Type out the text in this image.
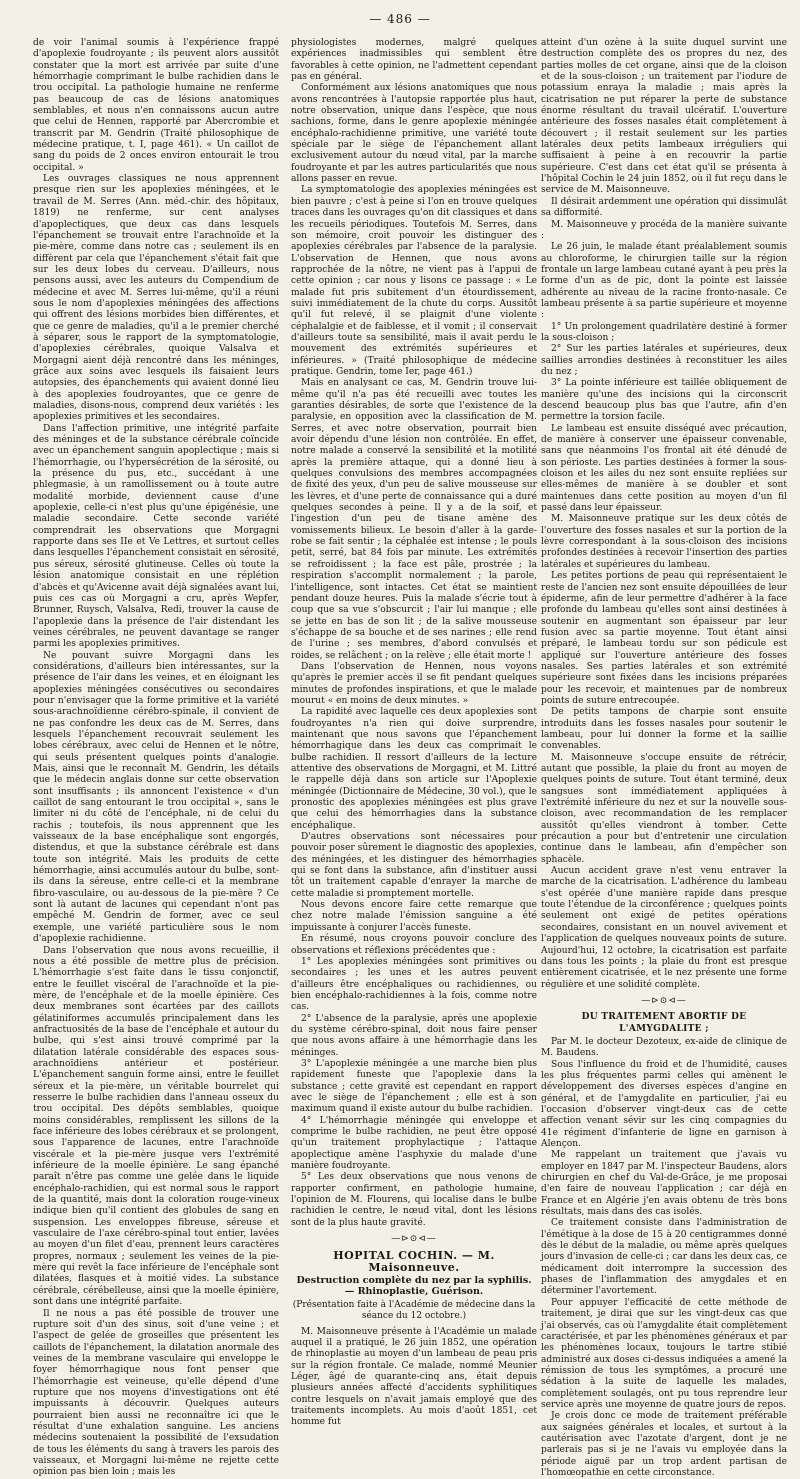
— 486 —

de voir l'animal soumis à l'expérience frappé d'apoplexie foudroyante ; ils peuvent alors aussitôt constater que la mort est arrivée par suite d'une hémorrhagie comprimant le bulbe rachidien dans le trou occipital. La pathologie humaine ne renferme pas beaucoup de cas de lésions anatomiques semblables, et nous n'en connaissons aucun autre que celui de Hennen, rapporté par Abercrombie et transcrit par M. Gendrin (Traité philosophique de médecine pratique, t. I, page 461). « Un caillot de sang du poids de 2 onces environ entourait le trou occipital. »

Les ouvrages classiques ne nous apprennent presque rien sur les apoplexies méningées, et le travail de M. Serres (Ann. méd.-chir. des hôpitaux, 1819) ne renferme, sur cent analyses d'apoplectiques, que deux cas dans lesquels l'épanchement se trouvait entre l'arachnoïde et la pie-mère, comme dans notre cas ; seulement ils en diffèrent par cela que l'épanchement s'était fait que sur les deux lobes du cerveau. D'ailleurs, nous pensons aussi, avec les auteurs du Compendium de médecine et avec M. Serres lui-même, qu'il a réuni sous le nom d'apoplexies méningées des affections qui offrent des lésions morbides bien différentes, et que ce genre de maladies, qu'il a le premier cherché à séparer, sous le rapport de la symptomatologie, d'apoplexies cérébrales, quoique Valsalva et Morgagni aient déjà rencontré dans les méninges, grâce aux soins avec lesquels ils faisaient leurs autopsies, des épanchements qui avaient donné lieu à des apoplexies foudroyantes, que ce genre de maladies, disons-nous, comprend deux variétés : les apoplexies primitives et les secondaires.

Dans l'affection primitive, une intégrité parfaite des méninges et de la substance cérébrale coïncide avec un épanchement sanguin apoplectique ; mais si l'hémorrhagie, ou l'hypersécrétion de la sérosité, ou la présence du pus, etc., succédant à une phlegmasie, à un ramollissement ou à toute autre modalité morbide, deviennent cause d'une apoplexie, celle-ci n'est plus qu'une épigénésie, une maladie secondaire. Cette seconde variété comprendrait les observations que Morgagni rapporte dans ses IIe et Ve Lettres, et surtout celles dans lesquelles l'épanchement consistait en sérosité, pus séreux, sérosité glutineuse. Celles où toute la lésion anatomique consistait en une réplétion d'abcès et qu'Avicenne avait déjà signalées avant lui, puis ces cas où Morgagni a cru, après Wepfer, Brunner, Ruysch, Valsalva, Redi, trouver la cause de l'apoplexie dans la présence de l'air distendant les veines cérébrales, ne peuvent davantage se ranger parmi les apoplexies primitives.

Ne pouvant suivre Morgagni dans les considérations, d'ailleurs bien intéressantes, sur la présence de l'air dans les veines, et en éloignant les apoplexies méningées consécutives ou secondaires pour n'envisager que la forme primitive et la variété sous-arachnoïdienne cérébro-spinale, il convient de ne pas confondre les deux cas de M. Serres, dans lesquels l'épanchement recouvrait seulement les lobes cérébraux, avec celui de Hennen et le nôtre, qui seuls présentent quelques points d'analogie. Mais, ainsi que le reconnaît M. Gendrin, les détails que le médecin anglais donne sur cette observation sont insuffisants ; ils annoncent l'existence « d'un caillot de sang entourant le trou occipital », sans le limiter ni du côté de l'encéphale, ni de celui du rachis ; toutefois, ils nous apprennent que les vaisseaux de la base encéphalique sont engorgés, distendus, et que la substance cérébrale est dans toute son intégrité. Mais les produits de cette hémorrhagie, ainsi accumulés autour du bulbe, sont-ils dans la séreuse, entre celle-ci et la membrane fibro-vasculaire, ou au-dessous de la pie-mère ? Ce sont là autant de lacunes qui cependant n'ont pas empêché M. Gendrin de former, avec ce seul exemple, une variété particulière sous le nom d'apoplexie rachidienne.

Dans l'observation que nous avons recueillie, il nous a été possible de mettre plus de précision. L'hémorrhagie s'est faite dans le tissu conjonctif, entre le feuillet viscéral de l'arachnoïde et la pie-mère, de l'encéphale et de la moelle épinière. Ces deux membranes sont écartées par des caillots gélatiniformes accumulés principalement dans les anfractuosités de la base de l'encéphale et autour du bulbe, qui s'est ainsi trouvé comprimé par la dilatation latérale considérable des espaces sous-arachnoïdiens antérieur et postérieur. L'épanchement sanguin forme ainsi, entre le feuillet séreux et la pie-mère, un véritable bourrelet qui resserre le bulbe rachidien dans l'anneau osseux du trou occipital. Des dépôts semblables, quoique moins considérables, remplissent les sillons de la face inférieure des lobes cérébraux et se prolongent, sous l'apparence de lacunes, entre l'arachnoïde viscérale et la pie-mère jusque vers l'extrémité inférieure de la moelle épinière. Le sang épanché paraît n'être pas comme une gelée dans le liquide encéphalo-rachidien, qui est normal sous le rapport de la quantité, mais dont la coloration rouge-vineux indique bien qu'il contient des globules de sang en suspension. Les enveloppes fibreuse, séreuse et vasculaire de l'axe cérébro-spinal tout entier, lavées au moyen d'un filet d'eau, prennent leurs caractères propres, normaux ; seulement les veines de la pie-mère qui revêt la face inférieure de l'encéphale sont dilatées, flasques et à moitié vides. La substance cérébrale, cérébelleuse, ainsi que la moelle épinière, sont dans une intégrité parfaite.

Il ne nous a pas été possible de trouver une rupture soit d'un des sinus, soit d'une veine ; et l'aspect de gelée de groseilles que présentent les caillots de l'épanchement, la dilatation anormale des veines de la membrane vasculaire qui enveloppe le foyer hémorrhagique nous font penser que l'hémorrhagie est veineuse, qu'elle dépend d'une rupture que nos moyens d'investigations ont été impuissants à découvrir. Quelques auteurs pourraient bien aussi ne reconnaître ici que le résultat d'une exhalation sanguine. Les anciens médecins soutenaient la possibilité de l'exsudation de tous les éléments du sang à travers les parois des vaisseaux, et Morgagni lui-même ne rejette cette opinion pas bien loin ; mais les

physiologistes modernes, malgré quelques expériences inadmissibles qui semblent être favorables à cette opinion, ne l'admettent cependant pas en général.

Conformément aux lésions anatomiques que nous avons rencontrées à l'autopsie rapportée plus haut, notre observation, unique dans l'espèce, que nous sachions, forme, dans le genre apoplexie méningée encéphalo-rachidienne primitive, une variété toute spéciale par le siège de l'épanchement allant exclusivement autour du nœud vital, par la marche foudroyante et par les autres particularités que nous allons passer en revue.

La symptomatologie des apoplexies méningées est bien pauvre ; c'est à peine si l'on en trouve quelques traces dans les ouvrages qu'on dit classiques et dans les recueils périodiques. Toutefois M. Serres, dans son mémoire, croit pouvoir les distinguer des apoplexies cérébrales par l'absence de la paralysie. L'observation de Hennen, que nous avons rapprochée de la nôtre, ne vient pas à l'appui de cette opinion ; car nous y lisons ce passage : « Le malade fut pris subitement d'un étourdissement, suivi immédiatement de la chute du corps. Aussitôt qu'il fut relevé, il se plaignit d'une violente céphalalgie et de faiblesse, et il vomit ; il conservait d'ailleurs toute sa sensibilité, mais il avait perdu le mouvement des extrémités supérieures et inférieures. » (Traité philosophique de médecine pratique. Gendrin, tome Ier, page 461.)

Mais en analysant ce cas, M. Gendrin trouve lui-même qu'il n'a pas été recueilli avec toutes les garanties désirables, de sorte que l'existence de la paralysie, en opposition avec la classification de M. Serres, et avec notre observation, pourrait bien avoir dépendu d'une lésion non contrôlée. En effet, notre malade a conservé la sensibilité et la motilité après la première attaque, qui a donné lieu à quelques convulsions des membres accompagnées de fixité des yeux, d'un peu de salive mousseuse sur les lèvres, et d'une perte de connaissance qui a duré quelques secondes à peine. Il y a de la soif, et l'ingestion d'un peu de tisane amène des vomissements bilieux. Le besoin d'aller à la garde-robe se fait sentir ; la céphalée est intense ; le pouls petit, serré, bat 84 fois par minute. Les extrémités se refroidissent ; la face est pâle, prostrée ; la respiration s'accomplit normalement ; la parole, l'intelligence, sont intactes. Cet état se maintient pendant douze heures. Puis la malade s'écrie tout à coup que sa vue s'obscurcit ; l'air lui manque ; elle se jette en bas de son lit ; de la salive mousseuse s'échappe de sa bouche et de ses narines ; elle rend de l'urine ; ses membres, d'abord convulsés et roides, se relâchent ; on la relève ; elle était morte !

Dans l'observation de Hennen, nous voyons qu'après le premier accès il se fit pendant quelques minutes de profondes inspirations, et que le malade mourut « en moins de deux minutes. »

La rapidité avec laquelle ces deux apoplexies sont foudroyantes n'a rien qui doive surprendre, maintenant que nous savons que l'épanchement hémorrhagique dans les deux cas comprimait le bulbe rachidien. Il ressort d'ailleurs de la lecture attentive des observations de Morgagni, et M. Littré le rappelle déjà dans son article sur l'Apoplexie méningée (Dictionnaire de Médecine, 30 vol.), que le pronostic des apoplexies méningées est plus grave que celui des hémorrhagies dans la substance encéphalique.

D'autres observations sont nécessaires pour pouvoir poser sûrement le diagnostic des apoplexies, des méningées, et les distinguer des hémorrhagies qui se font dans la substance, afin d'instituer aussi tôt un traitement capable d'enrayer la marche de cette maladie si promptement mortelle.

Nous devons encore faire cette remarque que chez notre malade l'émission sanguine a été impuissante à conjurer l'accès funeste.

En résumé, nous croyons pouvoir conclure des observations et réflexions précédentes que :

1° Les apoplexies méningées sont primitives ou secondaires ; les unes et les autres peuvent d'ailleurs être encéphaliques ou rachidiennes, ou bien encéphalo-rachidiennes à la fois, comme notre cas.

2° L'absence de la paralysie, après une apoplexie du système cérébro-spinal, doit nous faire penser que nous avons affaire à une hémorrhagie dans les méninges.

3° L'apoplexie méningée a une marche bien plus rapidement funeste que l'apoplexie dans la substance ; cette gravité est cependant en rapport avec le siège de l'épanchement ; elle est à son maximum quand il existe autour du bulbe rachidien.

4° L'hémorrhagie méningée qui enveloppe et comprime le bulbe rachidien, ne peut être opposé qu'un traitement prophylactique ; l'attaque apoplectique amène l'asphyxie du malade d'une manière foudroyante.

5° Les deux observations que nous venons de rapporter confirment, en pathologie humaine, l'opinion de M. Flourens, qui localise dans le bulbe rachidien le centre, le nœud vital, dont les lésions sont de la plus haute gravité.

—⊳⊙⊲—
HOPITAL COCHIN. — M. Maisonneuve.
Destruction complète du nez par la syphilis. — Rhinoplastie, Guérison.
(Présentation faite à l'Académie de médecine dans la séance du 12 octobre.)

M. Maisonneuve présente à l'Académie un malade auquel il a pratiqué, le 26 juin 1852, une opération de rhinoplastie au moyen d'un lambeau de peau pris sur la région frontale. Ce malade, nommé Meunier Léger, âgé de quarante-cinq ans, était depuis plusieurs années affecté d'accidents syphilitiques contre lesquels on n'avait jamais employé que des traitements incomplets. Au mois d'août 1851, cet homme fut

atteint d'un ozène à la suite duquel survint une destruction complète des os propres du nez, des parties molles de cet organe, ainsi que de la cloison et de la sous-cloison ; un traitement par l'iodure de potassium enraya la maladie ; mais après la cicatrisation ne put réparer la perte de substance énorme résultant du travail ulcératif. L'ouverture antérieure des fosses nasales était complètement à découvert ; il restait seulement sur les parties latérales deux petits lambeaux irréguliers qui suffisaient à peine à en recouvrir la partie supérieure. C'est dans cet état qu'il se présenta à l'hôpital Cochin le 24 juin 1852, où il fut reçu dans le service de M. Maisonneuve.

Il désirait ardemment une opération qui dissimulât sa difformité.

M. Maisonneuve y procéda de la manière suivante :

Le 26 juin, le malade étant préalablement soumis au chloroforme, le chirurgien taille sur la région frontale un large lambeau cutané ayant à peu près la forme d'un as de pic, dont la pointe est laissée adhérente au niveau de la racine fronto-nasale. Ce lambeau présente à sa partie supérieure et moyenne :

1° Un prolongement quadrilatère destiné à former la sous-cloison ;

2° Sur les parties latérales et supérieures, deux saillies arrondies destinées à reconstituer les ailes du nez ;

3° La pointe inférieure est taillée obliquement de manière qu'une des incisions qui la circonscrit descend beaucoup plus bas que l'autre, afin d'en permettre la torsion facile.

Le lambeau est ensuite disséqué avec précaution, de manière à conserver une épaisseur convenable, sans que néanmoins l'os frontal ait été dénudé de son périoste. Les parties destinées à former la sous-cloison et les ailes du nez sont ensuite repliées sur elles-mêmes de manière à se doubler et sont maintenues dans cette position au moyen d'un fil passé dans leur épaisseur.

M. Maisonneuve pratique sur les deux côtés de l'ouverture des fosses nasales et sur la portion de la lèvre correspondant à la sous-cloison des incisions profondes destinées à recevoir l'insertion des parties latérales et supérieures du lambeau.

Les petites portions de peau qui représentaient le reste de l'ancien nez sont ensuite dépouillées de leur épiderme, afin de leur permettre d'adhérer à la face profonde du lambeau qu'elles sont ainsi destinées à soutenir en augmentant son épaisseur par leur fusion avec sa partie moyenne. Tout étant ainsi préparé, le lambeau tordu sur son pédicule est appliqué sur l'ouverture antérieure des fosses nasales. Ses parties latérales et son extrémité supérieure sont fixées dans les incisions préparées pour les recevoir, et maintenues par de nombreux points de suture entrecoupée.

De petits tampons de charpie sont ensuite introduits dans les fosses nasales pour soutenir le lambeau, pour lui donner la forme et la saillie convenables.

M. Maisonneuve s'occupe ensuite de rétrécir, autant que possible, la plaie du front au moyen de quelques points de suture. Tout étant terminé, deux sangsues sont immédiatement appliquées à l'extrémité inférieure du nez et sur la nouvelle sous-cloison, avec recommandation de les remplacer aussitôt qu'elles viendront à tomber. Cette précaution a pour but d'entretenir une circulation continue dans le lambeau, afin d'empêcher son sphacèle.

Aucun accident grave n'est venu entraver la marche de la cicatrisation. L'adhérence du lambeau s'est opérée d'une manière rapide dans presque toute l'étendue de la circonférence ; quelques points seulement ont exigé de petites opérations secondaires, consistant en un nouvel avivement et l'application de quelques nouveaux points de suture. Aujourd'hui, 12 octobre, la cicatrisation est parfaite dans tous les points ; la plaie du front est presque entièrement cicatrisée, et le nez présente une forme régulière et une solidité complète.

—⊳⊙⊲—
DU TRAITEMENT ABORTIF DE L'AMYGDALITE ;

Par M. le docteur Dezoteux, ex-aide de clinique de M. Baudens.

Sous l'influence du froid et de l'humidité, causes les plus fréquentes parmi celles qui amènent le développement des diverses espèces d'angine en général, et de l'amygdalite en particulier, j'ai eu l'occasion d'observer vingt-deux cas de cette affection venant sévir sur les cinq compagnies du 41e régiment d'infanterie de ligne en garnison à Alençon.

Me rappelant un traitement que j'avais vu employer en 1847 par M. l'inspecteur Baudens, alors chirurgien en chef du Val-de-Grâce, je me proposai d'en faire de nouveau l'application ; car déjà en France et en Algérie j'en avais obtenu de très bons résultats, mais dans des cas isolés.

Ce traitement consiste dans l'administration de l'émétique à la dose de 15 à 20 centigrammes donné dès le début de la maladie, ou même après quelques jours d'invasion de celle-ci ; car dans les deux cas, ce médicament doit interrompre la succession des phases de l'inflammation des amygdales et en déterminer l'avortement.

Pour appuyer l'efficacité de cette méthode de traitement, je dirai que sur les vingt-deux cas que j'ai observés, cas où l'amygdalite était complètement caractérisée, et par les phénomènes généraux et par les phénomènes locaux, toujours le tartre stibié administré aux doses ci-dessus indiquées a amené la rémission de tous les symptômes, a procuré une sédation à la suite de laquelle les malades, complètement soulagés, ont pu tous reprendre leur service après une moyenne de quatre jours de repos.

Je crois donc ce mode de traitement préférable aux saignées générales et locales, et surtout à la cautérisation avec l'azotate d'argent, dont je ne parlerais pas si je ne l'avais vu employée dans la période aiguë par un trop ardent partisan de l'homœopathie en cette circonstance.
